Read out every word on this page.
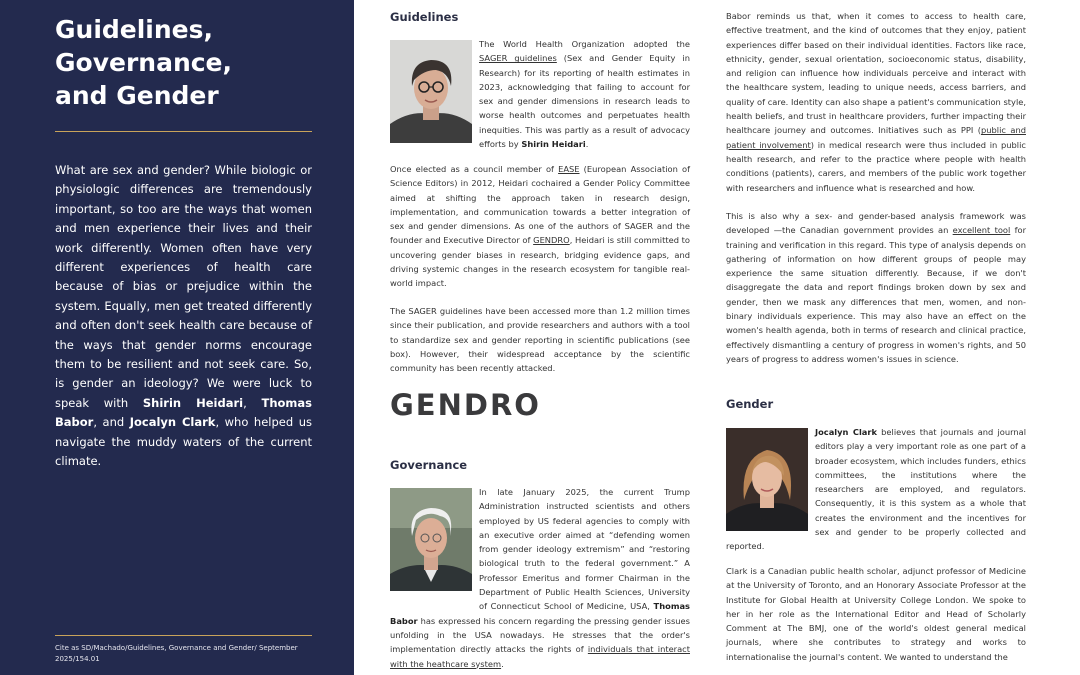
Guidelines,
Governance,
and Gender

What are sex and gender? While biologic or physiologic differences are tremendously important, so too are the ways that women and men experience their lives and their work differently. Women often have very different experiences of health care because of bias or prejudice within the system. Equally, men get treated differently and often don't seek health care because of the ways that gender norms encourage them to be resilient and not seek care. So, is gender an ideology? We were luck to speak with Shirin Heidari, Thomas Babor, and Jocalyn Clark, who helped us navigate the muddy waters of the current climate.

Cite as SD/Machado/Guidelines, Governance and Gender/ September 2025/154.01

Guidelines

The World Health Organization adopted the SAGER guidelines (Sex and Gender Equity in Research) for its reporting of health estimates in 2023, acknowledging that failing to account for sex and gender dimensions in research leads to worse health outcomes and perpetuates health inequities. This was partly as a result of advocacy efforts by Shirin Heidari.

Once elected as a council member of EASE (European Association of Science Editors) in 2012, Heidari cochaired a Gender Policy Committee aimed at shifting the approach taken in research design, implementation, and communication towards a better integration of sex and gender dimensions. As one of the authors of SAGER and the founder and Executive Director of GENDRO, Heidari is still committed to uncovering gender biases in research, bridging evidence gaps, and driving systemic changes in the research ecosystem for tangible real-world impact.

The SAGER guidelines have been accessed more than 1.2 million times since their publication, and provide researchers and authors with a tool to standardize sex and gender reporting in scientific publications (see box). However, their widespread acceptance by the scientific community has been recently attacked.

GENDRO
Governance

In late January 2025, the current Trump Administration instructed scientists and others employed by US federal agencies to comply with an executive order aimed at “defending women from gender ideology extremism” and “restoring biological truth to the federal government.” A Professor Emeritus and former Chairman in the Department of Public Health Sciences, University of Connecticut School of Medicine, USA, Thomas Babor has expressed his concern regarding the pressing gender issues unfolding in the USA nowadays. He stresses that the order's implementation directly attacks the rights of individuals that interact with the heathcare system.

Babor reminds us that, when it comes to access to health care, effective treatment, and the kind of outcomes that they enjoy, patient experiences differ based on their individual identities. Factors like race, ethnicity, gender, sexual orientation, socioeconomic status, disability, and religion can influence how individuals perceive and interact with the healthcare system, leading to unique needs, access barriers, and quality of care. Identity can also shape a patient's communication style, health beliefs, and trust in healthcare providers, further impacting their healthcare journey and outcomes. Initiatives such as PPI (public and patient involvement) in medical research were thus included in public health research, and refer to the practice where people with health conditions (patients), carers, and members of the public work together with researchers and influence what is researched and how.

This is also why a sex- and gender-based analysis framework was developed —the Canadian government provides an excellent tool for training and verification in this regard. This type of analysis depends on gathering of information on how different groups of people may experience the same situation differently. Because, if we don't disaggregate the data and report findings broken down by sex and gender, then we mask any differences that men, women, and non-binary individuals experience. This may also have an effect on the women's health agenda, both in terms of research and clinical practice, effectively dismantling a century of progress in women's rights, and 50 years of progress to address women's issues in science.

Gender

Jocalyn Clark believes that journals and journal editors play a very important role as one part of a broader ecosystem, which includes funders, ethics committees, the institutions where the researchers are employed, and regulators. Consequently, it is this system as a whole that creates the environment and the incentives for sex and gender to be properly collected and reported.

Clark is a Canadian public health scholar, adjunct professor of Medicine at the University of Toronto, and an Honorary Associate Professor at the Institute for Global Health at University College London. We spoke to her in her role as the International Editor and Head of Scholarly Comment at The BMJ, one of the world's oldest general medical journals, where she contributes to strategy and works to internationalise the journal's content. We wanted to understand the
